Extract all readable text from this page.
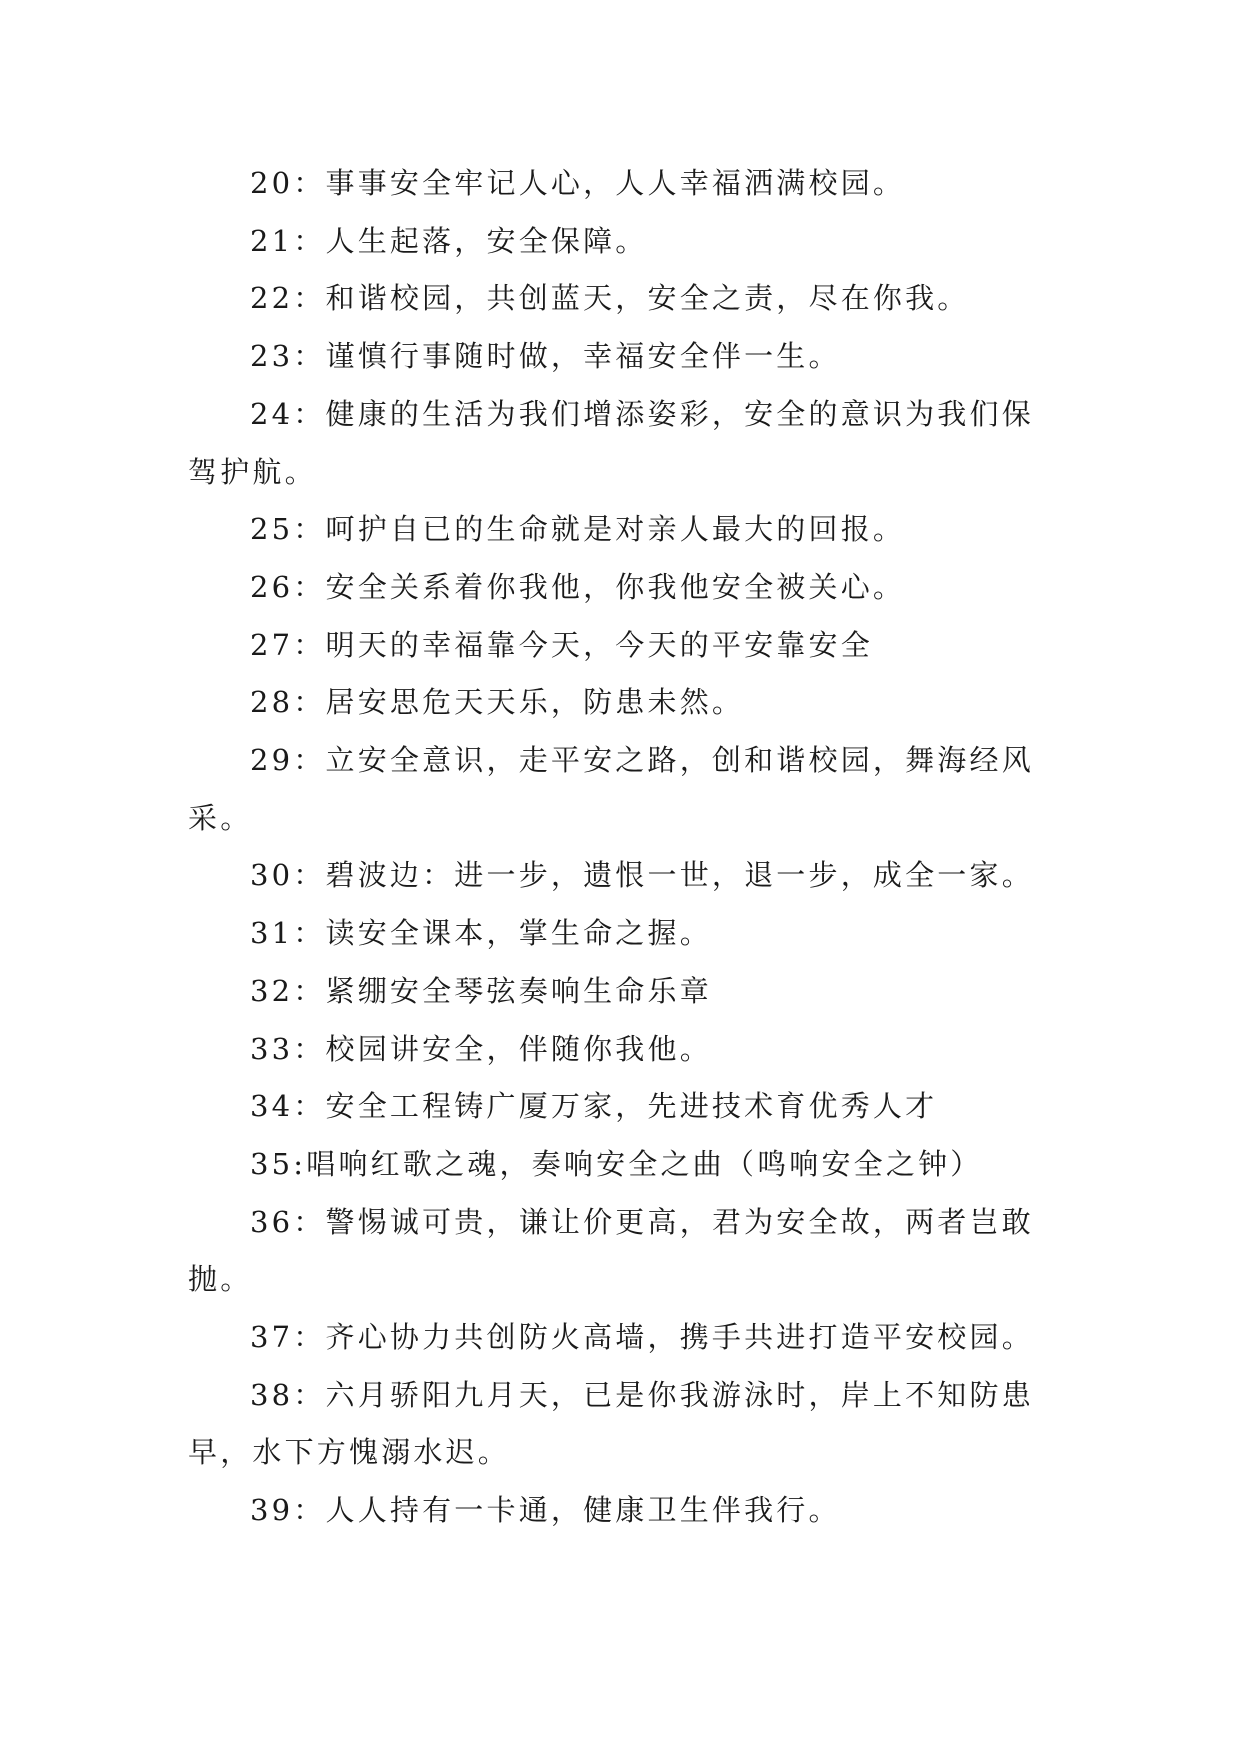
20：事事安全牢记人心，人人幸福洒满校园。

21：人生起落，安全保障。

22：和谐校园，共创蓝天，安全之责，尽在你我。

23：谨慎行事随时做，幸福安全伴一生。

24：健康的生活为我们增添姿彩，安全的意识为我们保驾护航。

25：呵护自已的生命就是对亲人最大的回报。

26：安全关系着你我他，你我他安全被关心。

27：明天的幸福靠今天，今天的平安靠安全

28：居安思危天天乐，防患未然。

29：立安全意识，走平安之路，创和谐校园，舞海经风采。

30：碧波边：进一步，遗恨一世，退一步，成全一家。

31：读安全课本，掌生命之握。

32：紧绷安全琴弦奏响生命乐章

33：校园讲安全，伴随你我他。

34：安全工程铸广厦万家，先进技术育优秀人才

35:唱响红歌之魂，奏响安全之曲（鸣响安全之钟）

36：警惕诚可贵，谦让价更高，君为安全故，两者岂敢抛。

37：齐心协力共创防火高墙，携手共进打造平安校园。

38：六月骄阳九月天，已是你我游泳时，岸上不知防患早，水下方愧溺水迟。

39：人人持有一卡通，健康卫生伴我行。
